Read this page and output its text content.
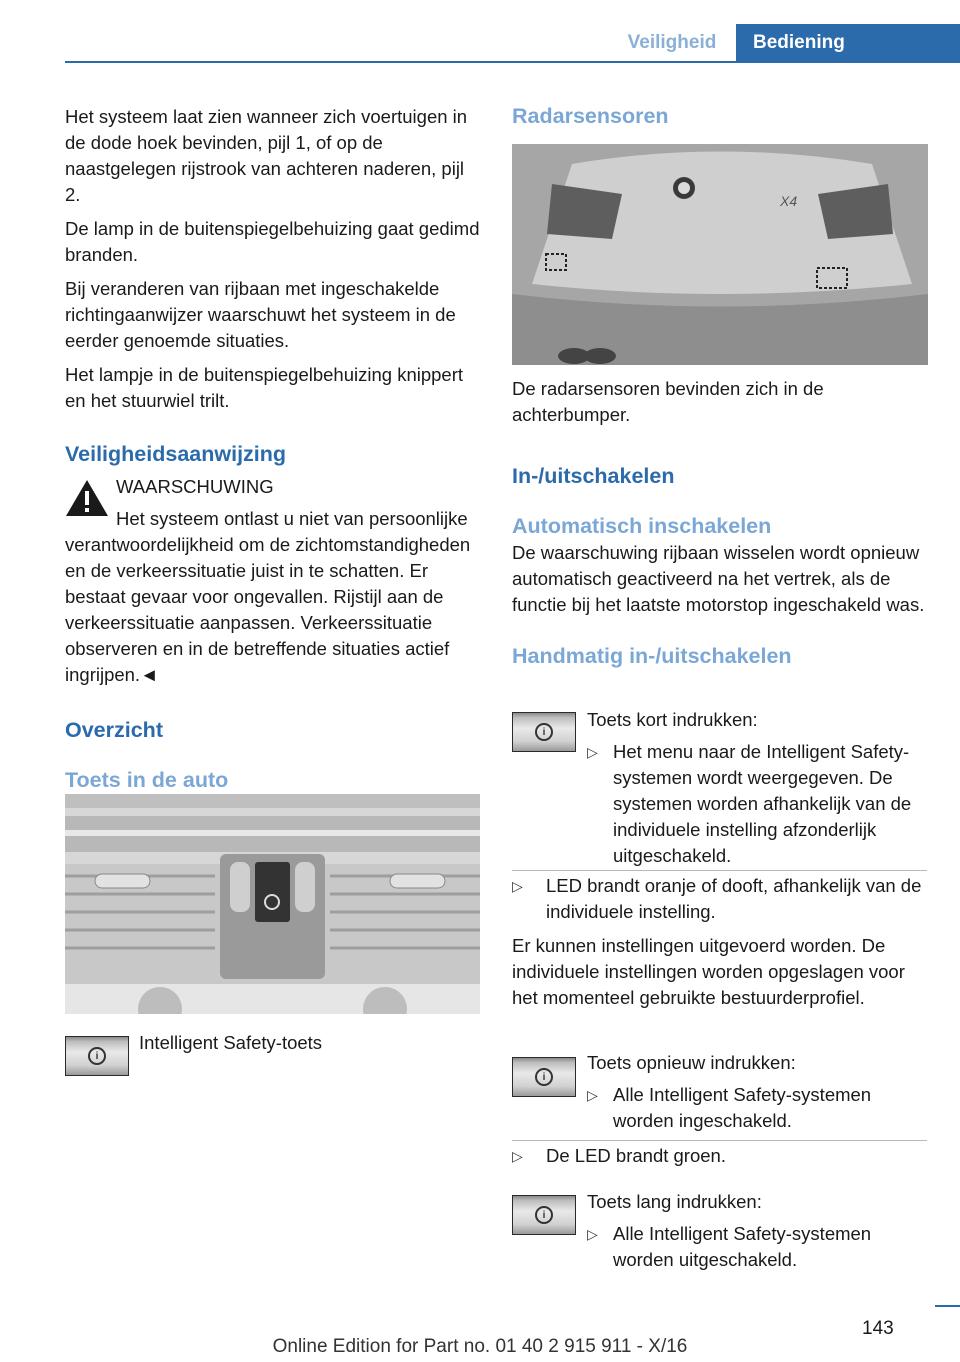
Veiligheid	Bediening

Het systeem laat zien wanneer zich voertuigen in de dode hoek bevinden, pijl 1, of op de naastgelegen rijstrook van achteren naderen, pijl 2.

De lamp in de buitenspiegelbehuizing gaat gedimd branden.

Bij veranderen van rijbaan met ingeschakelde richtingaanwijzer waarschuwt het systeem in de eerder genoemde situaties.

Het lampje in de buitenspiegelbehuizing knippert en het stuurwiel trilt.

Veiligheidsaanwijzing

WAARSCHUWING

Het systeem ontlast u niet van persoonlijke verantwoordelijkheid om de zichtomstandigheden en de verkeerssituatie juist in te schatten. Er bestaat gevaar voor ongevallen. Rijstijl aan de verkeerssituatie aanpassen. Verkeerssituatie observeren en in de betreffende situaties actief ingrijpen.◄

Overzicht

Toets in de auto

i

Intelligent Safety-toets

Radarsensoren

X4

De radarsensoren bevinden zich in de achterbumper.

In-/uitschakelen

Automatisch inschakelen

De waarschuwing rijbaan wisselen wordt opnieuw automatisch geactiveerd na het vertrek, als de functie bij het laatste motorstop ingeschakeld was.

Handmatig in-/uitschakelen

i

Toets kort indrukken:

▷ Het menu naar de Intelligent Safety-systemen wordt weergegeven. De systemen worden afhankelijk van de individuele instelling afzonderlijk uitgeschakeld.

▷	LED brandt oranje of dooft, afhankelijk van de individuele instelling.

Er kunnen instellingen uitgevoerd worden. De individuele instellingen worden opgeslagen voor het momenteel gebruikte bestuurderprofiel.

i

Toets opnieuw indrukken:

▷ Alle Intelligent Safety-systemen worden ingeschakeld.

▷	De LED brandt groen.

i

Toets lang indrukken:

▷ Alle Intelligent Safety-systemen worden uitgeschakeld.

143
Online Edition for Part no. 01 40 2 915 911 - X/16
